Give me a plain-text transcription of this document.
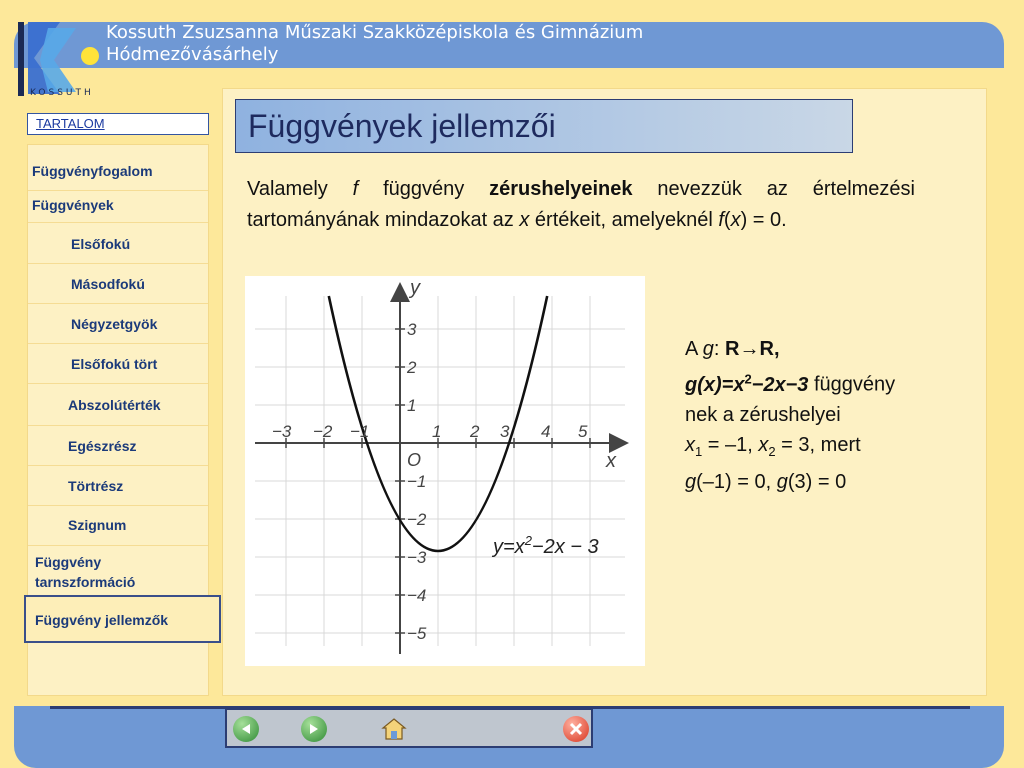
KOSSUTH
Kossuth Zsuzsanna Műszaki Szakközépiskola és Gimnázium
Hódmezővásárhely
TARTALOM
Függvényfogalom
Függvények
Elsőfokú
Másodfokú
Négyzetgyök
Elsőfokú tört
Abszolútérték
Egészrész
Törtrész
Szignum
Függvény
tarnszformáció
Függvény jellemzők
Függvények jellemzői
Valamely f függvény zérushelyeinek nevezzük az értelmezési tartományának mindazokat az x értékeit, amelyeknél f(x) = 0.
−3 −2 −1	1 2 3 4 5
3
2
1
−1
−2
−3
−4
−5
O	x
y
$y=x^2-2x - 3$
A g: R→R,
$g(x)=x^2-2x-3$ függvény
nek a zérushelyei
$x_1 = -1$, $x_2 = 3$, mert
g(–1) = 0, g(3) = 0
